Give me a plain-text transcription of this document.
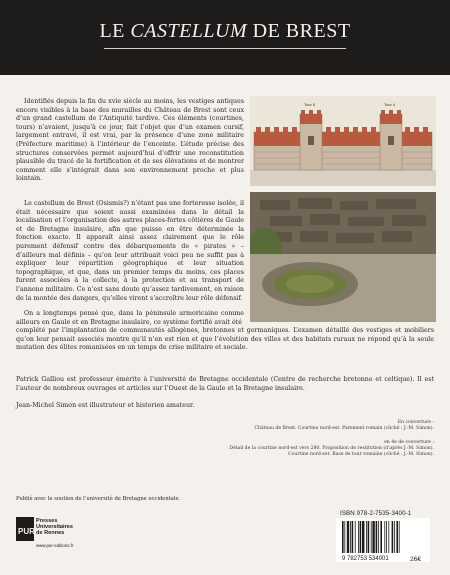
LE CASTELLUM DE BREST

Identifiés depuis la fin du xvie siècle au moins, les vestiges antiques encore visibles à la base des murailles du Château de Brest sont ceux d’un grand castellum de l’Antiquité tardive. Ces éléments (courtines, tours) n’avaient, jusqu’à ce jour, fait l’objet que d’un examen cursif, largement entravé, il est vrai, par la présence d’une zone militaire (Préfecture maritime) à l’intérieur de l’enceinte. L’étude précise des structures conservées permet aujourd’hui d’offrir une reconstitution plausible du tracé de la fortification et de ses élévations et de montrer comment elle s’intégrait dans son environnement proche et plus lointain.

Le castellum de Brest (Osismis?) n’étant pas une forteresse isolée, il était nécessaire que soient aussi examinées dans le détail la localisation et l’organisation des autres places-fortes côtières de Gaule et de Bretagne insulaire, afin que puisse en être déterminée la fonction exacte. Il apparaît ainsi assez clairement que le rôle purement défensif contre des débarquements de « pirates » – d’ailleurs mal définis – qu’on leur attribuait voici peu ne suffit pas à expliquer leur répartition géographique et leur situation topographique, et que, dans un premier temps du moins, ces places furent associées à la collecte, à la protection et au transport de l’annone militaire. Ce n’est sans doute qu’assez tardivement, en raison de la montée des dangers, qu’elles virent s’accroître leur rôle défensif.

On a longtemps pensé que, dans la péninsule armoricaine comme ailleurs en Gaule et en Bretagne insulaire, ce système fortifié avait été

complété par l’implantation de communautés allogènes, bretonnes et germaniques. L’examen détaillé des vestiges et mobiliers qu’on leur pensait associés montre qu’il n’en est rien et que l’évolution des villes et des habitats ruraux ne répond qu’à la seule mutation des élites romanisées en un temps de crise militaire et sociale.

Tour 5	Tour 4

Patrick Galliou est professeur émérite à l’université de Bretagne occidentale (Centre de recherche bretonne et celtique). Il est l’auteur de nombreux ouvrages et articles sur l’Ouest de la Gaule et la Bretagne insulaire.

Jean-Michel Simon est illustrateur et historien amateur.

En couverture :
Château de Brest. Courtine nord-est. Parement romain (cliché : J.-M. Simon).

en 4e de couverture :
Détail de la courtine nord-est vers 280. Proposition de restitution (d’après J.-M. Simon).
Courtine nord-est. Base de tour romaine (cliché : J.-M. Simon).

Publié avec le soutien de l’université de Bretagne occidentale.

PUR
Presses
Universitaires
de Rennes
www.pur-editions.fr
ISBN 978-2-7535-3400-1
9 782753 534001	26€
